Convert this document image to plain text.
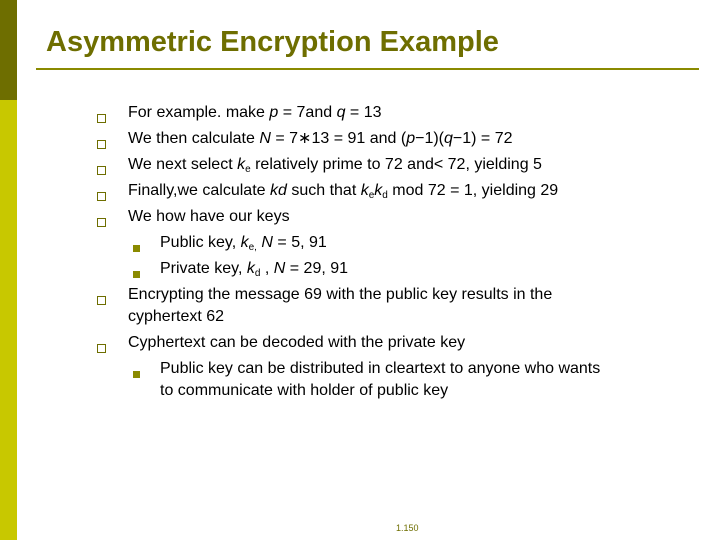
Asymmetric Encryption Example
For example. make p = 7and q = 13
We then calculate N = 7∗13 = 91 and (p−1)(q−1) = 72
We next select $k_e$ relatively prime to 72 and< 72, yielding 5
Finally,we calculate kd such that $k_ek_d$ mod 72 = 1, yielding 29
We how have our keys
Public key, $k_{e,}$ N = 5, 91
Private key, $k_d$ , N = 29, 91
Encrypting the message 69 with the public key results in the
cyphertext 62
Cyphertext can be decoded with the private key
Public key can be distributed in cleartext to anyone who wants
to communicate with holder of public key
1.150
